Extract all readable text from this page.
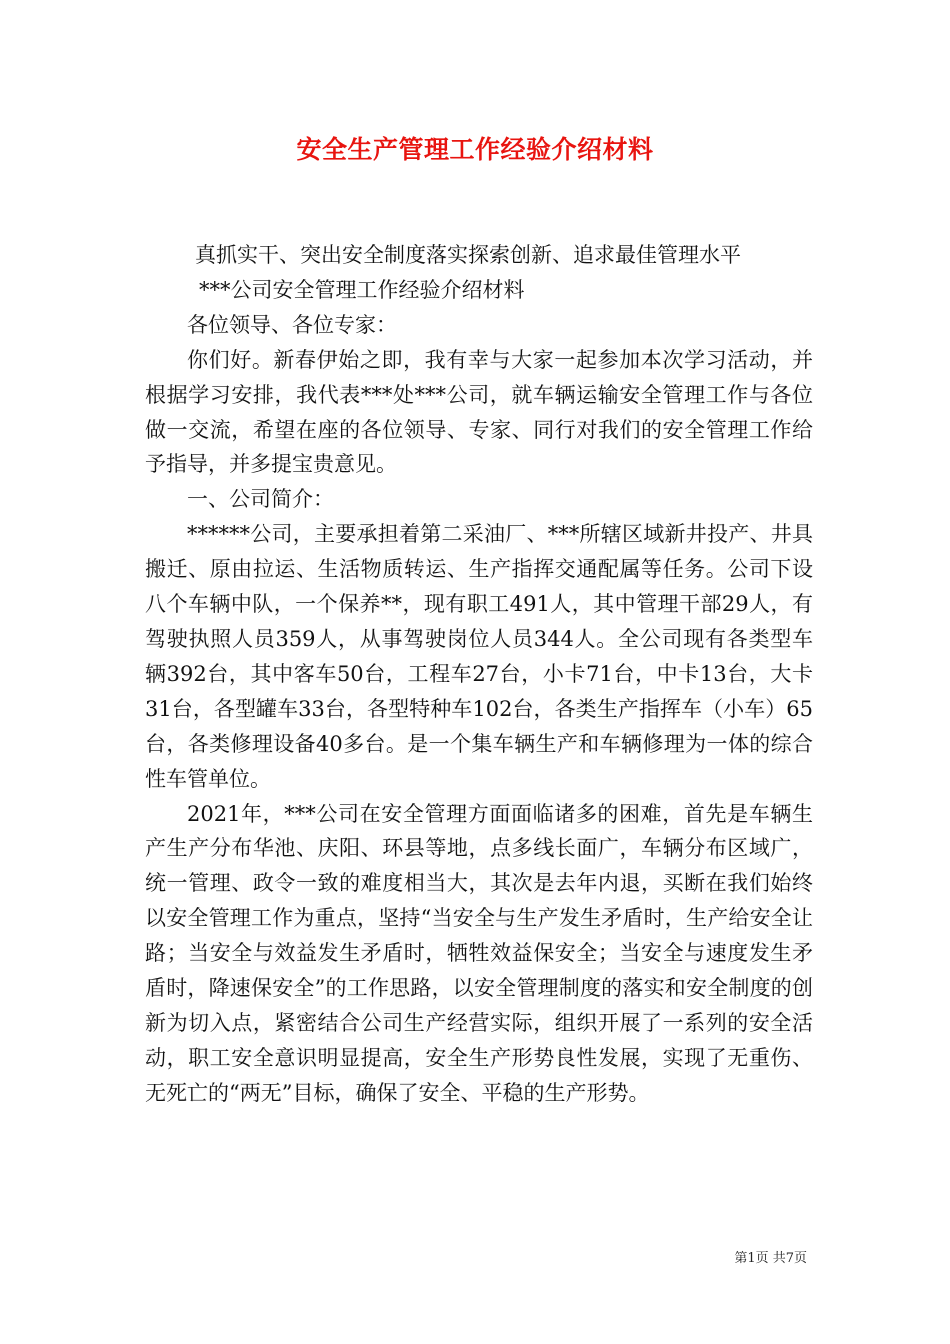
安全生产管理工作经验介绍材料

真抓实干、突出安全制度落实探索创新、追求最佳管理水平

***公司安全管理工作经验介绍材料

各位领导、各位专家：

你们好。新春伊始之即，我有幸与大家一起参加本次学习活动，并根据学习安排，我代表***处***公司，就车辆运输安全管理工作与各位做一交流，希望在座的各位领导、专家、同行对我们的安全管理工作给予指导，并多提宝贵意见。

一、公司简介：

******公司，主要承担着第二采油厂、***所辖区域新井投产、井具搬迁、原由拉运、生活物质转运、生产指挥交通配属等任务。公司下设八个车辆中队，一个保养**，现有职工491人，其中管理干部29人，有驾驶执照人员359人，从事驾驶岗位人员344人。全公司现有各类型车辆392台，其中客车50台，工程车27台，小卡71台，中卡13台，大卡31台，各型罐车33台，各型特种车102台，各类生产指挥车（小车）65台，各类修理设备40多台。是一个集车辆生产和车辆修理为一体的综合性车管单位。

2021年，***公司在安全管理方面面临诸多的困难，首先是车辆生产生产分布华池、庆阳、环县等地，点多线长面广，车辆分布区域广，统一管理、政令一致的难度相当大，其次是去年内退，买断在我们始终以安全管理工作为重点，坚持“当安全与生产发生矛盾时，生产给安全让路；当安全与效益发生矛盾时，牺牲效益保安全；当安全与速度发生矛盾时，降速保安全”的工作思路，以安全管理制度的落实和安全制度的创新为切入点，紧密结合公司生产经营实际，组织开展了一系列的安全活动，职工安全意识明显提高，安全生产形势良性发展，实现了无重伤、无死亡的“两无”目标，确保了安全、平稳的生产形势。

第1页 共7页
